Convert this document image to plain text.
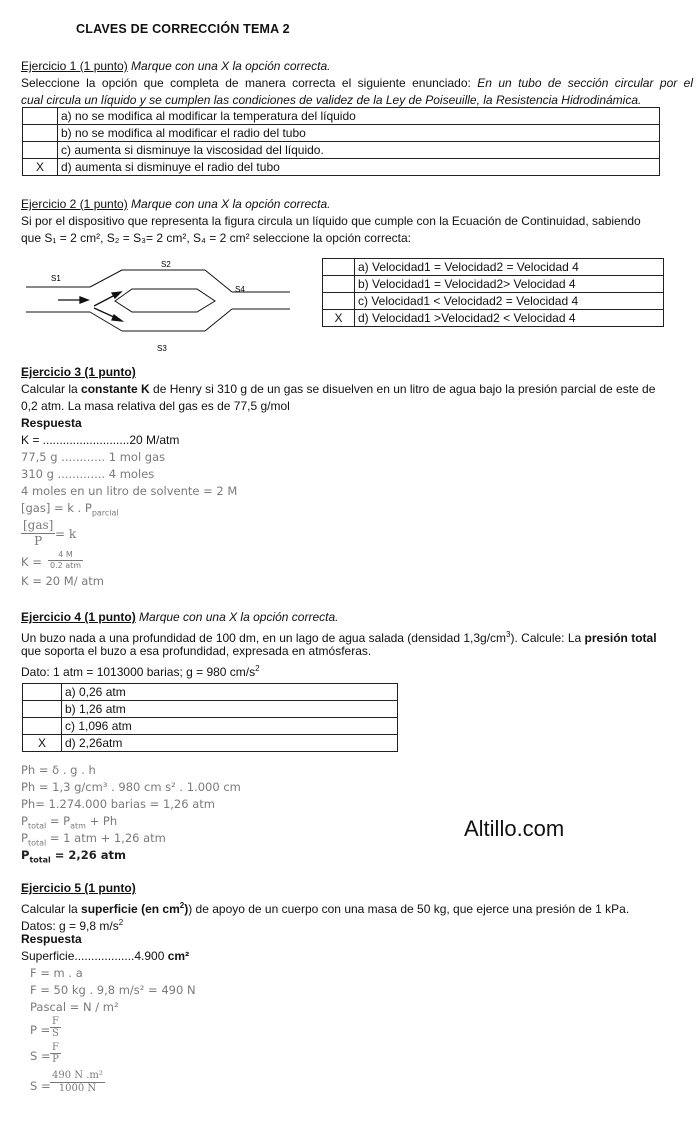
CLAVES DE CORRECCIÓN TEMA 2
Ejercicio 1 (1 punto) Marque con una X la opción correcta.
Seleccione la opción que completa de manera correcta el siguiente enunciado: En un tubo de sección circular por el
cual circula un líquido y se cumplen las condiciones de validez de la Ley de Poiseuille, la Resistencia Hidrodinámica.
	a) no se modifica al modificar la temperatura del líquido
	b) no se modifica al modificar el radio del tubo
	c) aumenta si disminuye la viscosidad del líquido.
X	d) aumenta si disminuye el radio del tubo
Ejercicio 2 (1 punto) Marque con una X la opción correcta.
Si por el dispositivo que representa la figura circula un líquido que cumple con la Ecuación de Continuidad, sabiendo
que S₁ = 2 cm², S₂ = S₃= 2 cm², S₄ = 2 cm² seleccione la opción correcta:
S1
S2
S4
S3
	a) Velocidad1 = Velocidad2 = Velocidad 4
	b) Velocidad1 = Velocidad2> Velocidad 4
	c) Velocidad1 < Velocidad2 = Velocidad 4
X	d) Velocidad1 >Velocidad2 < Velocidad 4
Ejercicio 3 (1 punto)
Calcular la constante K de Henry si 310 g de un gas se disuelven en un litro de agua bajo la presión parcial de este de
0,2 atm. La masa relativa del gas es de 77,5 g/mol
Respuesta
K = ..........................20 M/atm
77,5 g ............ 1 mol gas
310 g ............. 4 moles
4 moles en un litro de solvente = 2 M
[gas] = k . $P_{parcial}$
[gas]
P	= k
K =
4 M
0.2 atm
K = 20 M/ atm
Ejercicio 4 (1 punto) Marque con una X la opción correcta.
Un buzo nada a una profundidad de 100 dm, en un lago de agua salada (densidad $1,3g/cm^3$). Calcule: La presión total
que soporta el buzo a esa profundidad, expresada en atmósferas.
Dato: 1 atm = 1013000 barias; g = 980 $cm/s^2$
	a) 0,26 atm
	b) 1,26 atm
	c) 1,096 atm
X	d) 2,26atm
Ph = δ . g . h
Ph = 1,3 g/cm³ . 980 cm s² . 1.000 cm
Ph= 1.274.000 barias = 1,26 atm
$P_{total} = P_{atm} + Ph$
$P_{total} = 1$ atm + 1,26 atm
$P_{total} = 2,26$ atm
Altillo.com
Ejercicio 5 (1 punto)
Calcular la superficie (en $cm^2$)) de apoyo de un cuerpo con una masa de 50 kg, que ejerce una presión de 1 kPa.
Datos: g = 9,8 $m/s^2$
Respuesta
Superficie..................4.900 cm²
F = m . a
F = 50 kg . 9,8 m/s² = 490 N
Pascal = N / m²
$P = \frac{F}{S}$
$S = \frac{F}{P}$
$S = \frac{\text{490 N .m²}}{1000 N}$
